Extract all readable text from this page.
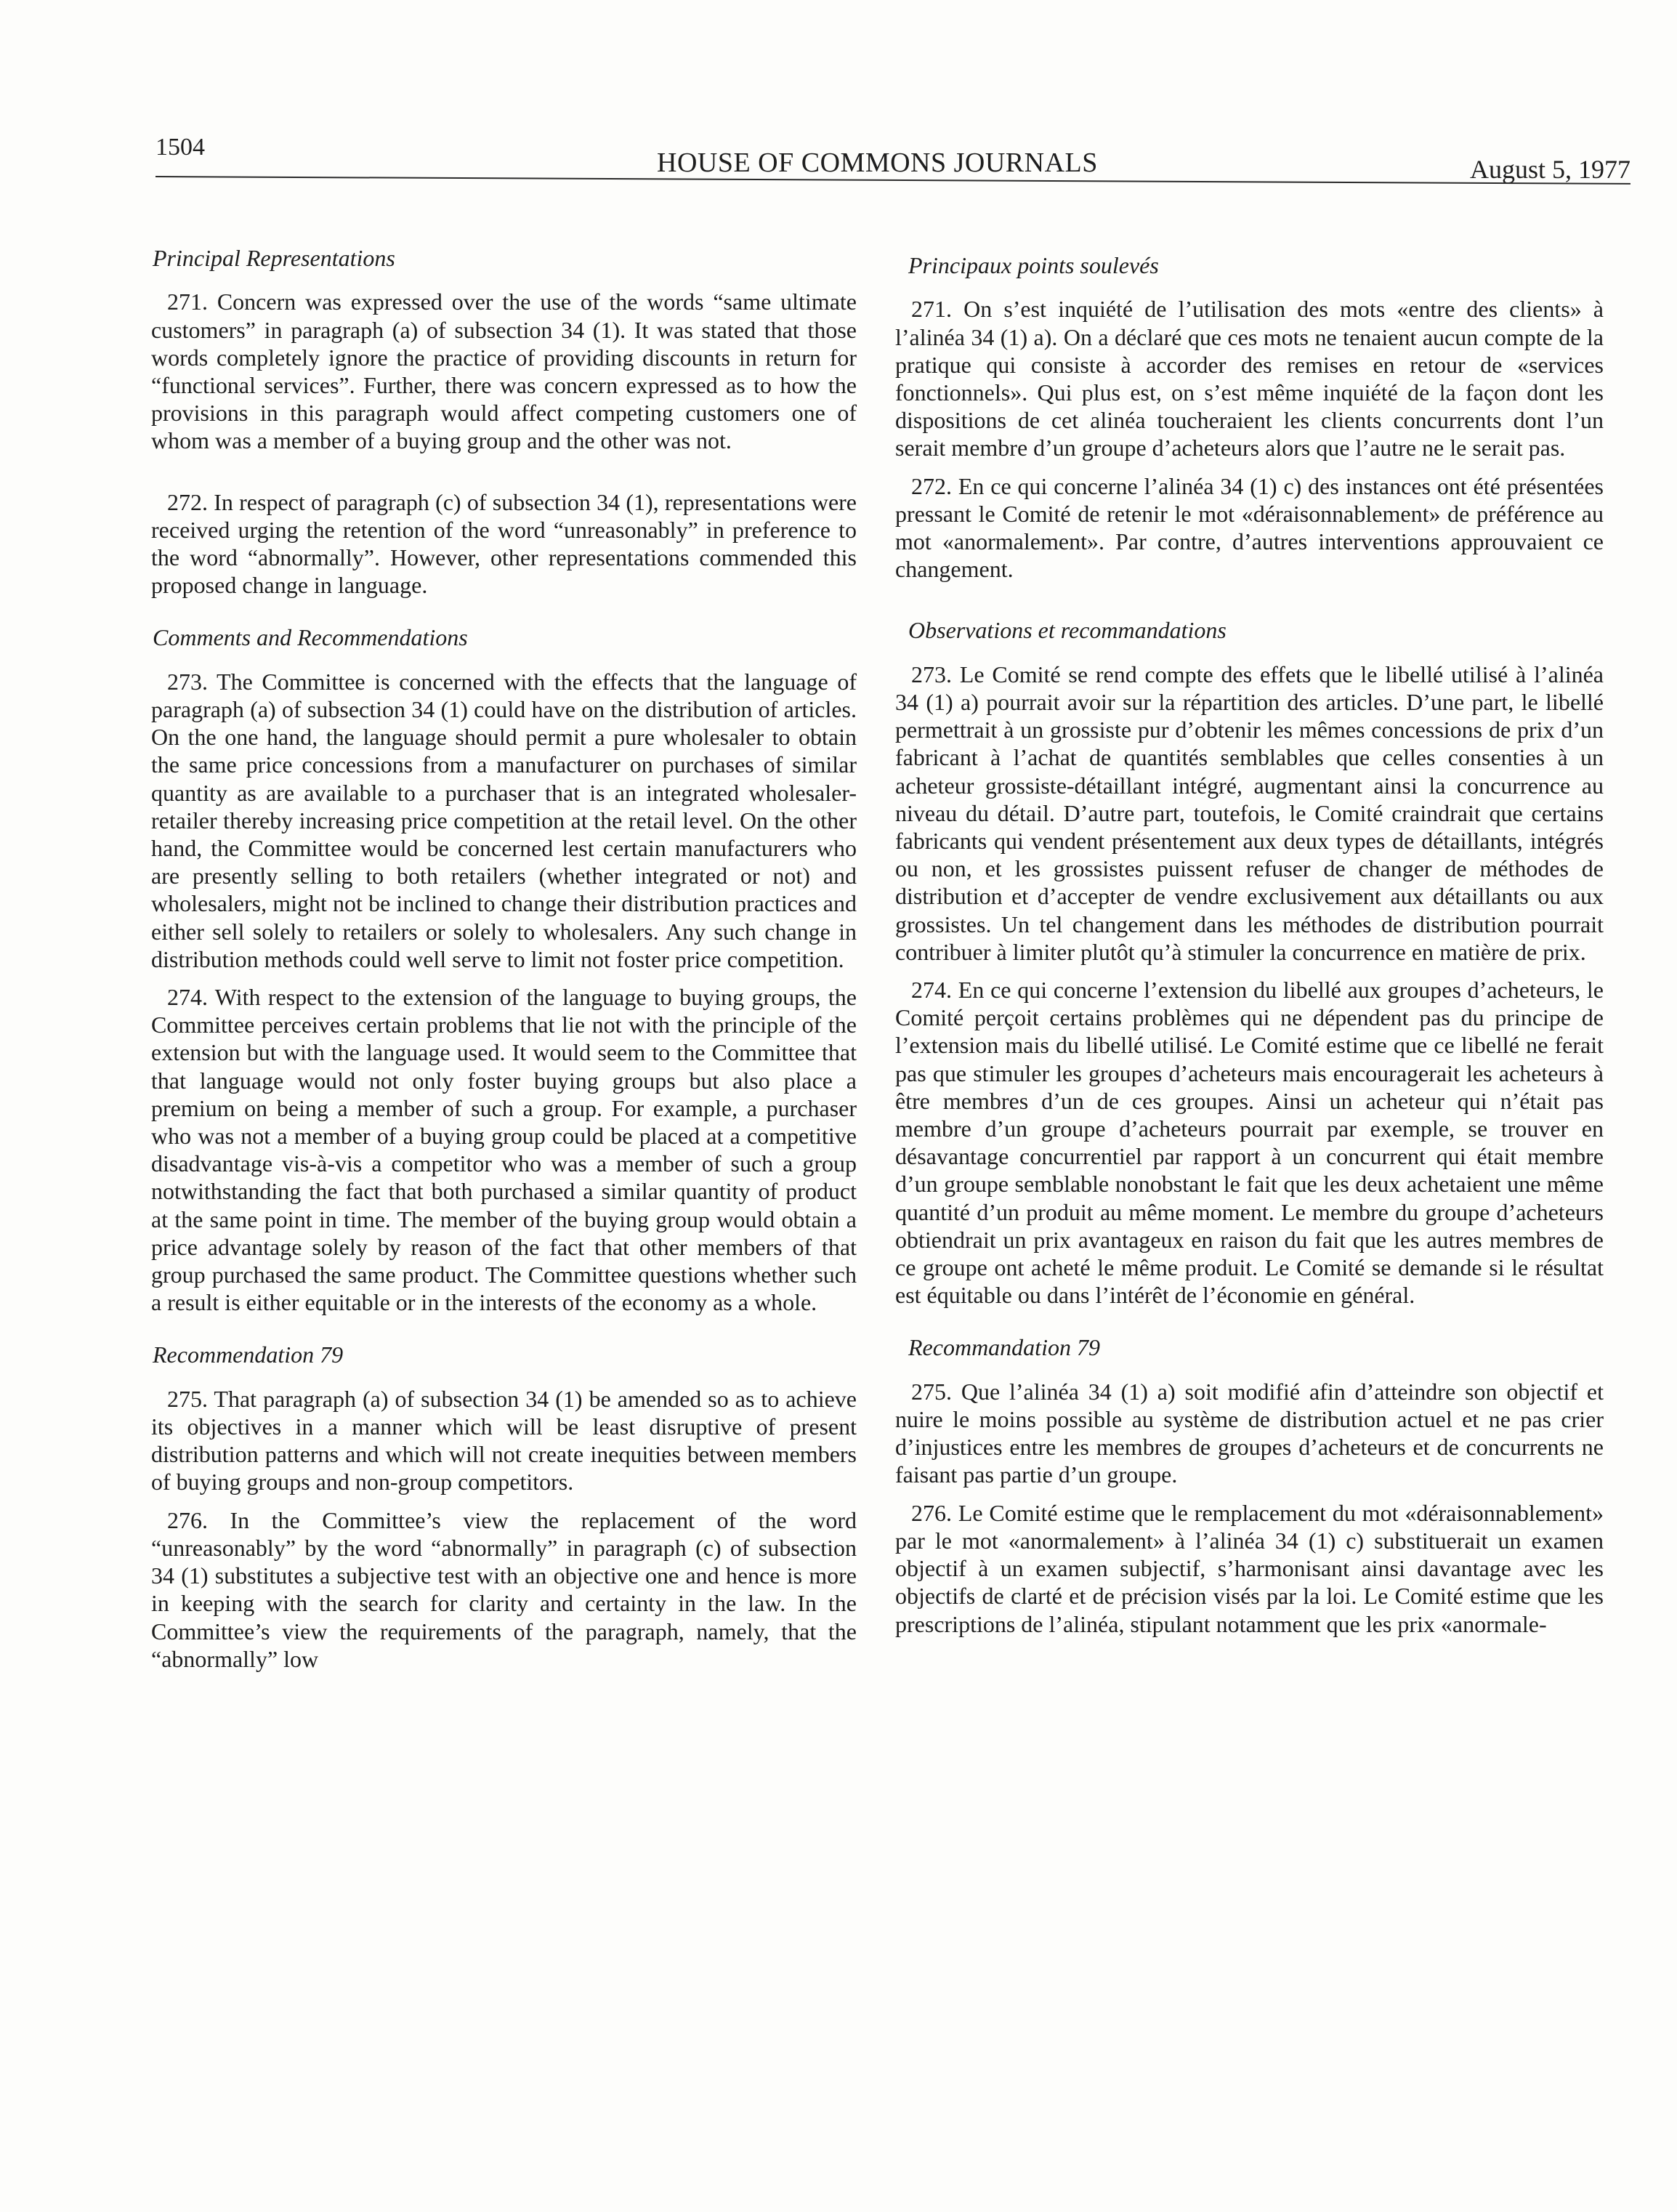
1504
HOUSE OF COMMONS JOURNALS	August 5, 1977
Principal Representations

271. Concern was expressed over the use of the words “same ultimate customers” in paragraph (a) of subsection 34 (1). It was stated that those words completely ignore the practice of providing discounts in return for “functional services”. Further, there was concern expressed as to how the provisions in this paragraph would affect competing customers one of whom was a member of a buying group and the other was not.

272. In respect of paragraph (c) of subsection 34 (1), representations were received urging the retention of the word “unreasonably” in preference to the word “abnormally”. However, other representations commended this proposed change in language.

Comments and Recommendations

273. The Committee is concerned with the effects that the language of paragraph (a) of subsection 34 (1) could have on the distribution of articles. On the one hand, the language should permit a pure wholesaler to obtain the same price concessions from a manufacturer on purchases of similar quantity as are available to a purchaser that is an integrated wholesaler-retailer thereby increasing price competition at the retail level. On the other hand, the Committee would be concerned lest certain manufacturers who are presently selling to both retailers (whether integrated or not) and wholesalers, might not be inclined to change their distribution practices and either sell solely to retailers or solely to wholesalers. Any such change in distribution methods could well serve to limit not foster price competition.

274. With respect to the extension of the language to buying groups, the Committee perceives certain problems that lie not with the principle of the extension but with the language used. It would seem to the Committee that that language would not only foster buying groups but also place a premium on being a member of such a group. For example, a purchaser who was not a member of a buying group could be placed at a competitive disadvantage vis-à-vis a competitor who was a member of such a group notwithstanding the fact that both purchased a similar quantity of product at the same point in time. The member of the buying group would obtain a price advantage solely by reason of the fact that other members of that group purchased the same product. The Committee questions whether such a result is either equitable or in the interests of the economy as a whole.

Recommendation 79

275. That paragraph (a) of subsection 34 (1) be amended so as to achieve its objectives in a manner which will be least disruptive of present distribution patterns and which will not create inequities between members of buying groups and non-group competitors.

276. In the Committee’s view the replacement of the word “unreasonably” by the word “abnormally” in paragraph (c) of subsection 34 (1) substitutes a subjective test with an objective one and hence is more in keeping with the search for clarity and certainty in the law. In the Committee’s view the requirements of the paragraph, namely, that the “abnormally” low

Principaux points soulevés

271. On s’est inquiété de l’utilisation des mots «entre des clients» à l’alinéa 34 (1) a). On a déclaré que ces mots ne tenaient aucun compte de la pratique qui consiste à accorder des remises en retour de «services fonctionnels». Qui plus est, on s’est même inquiété de la façon dont les dispositions de cet alinéa toucheraient les clients concurrents dont l’un serait membre d’un groupe d’acheteurs alors que l’autre ne le serait pas.

272. En ce qui concerne l’alinéa 34 (1) c) des instances ont été présentées pressant le Comité de retenir le mot «déraisonnablement» de préférence au mot «anormalement». Par contre, d’autres interventions approuvaient ce changement.

Observations et recommandations

273. Le Comité se rend compte des effets que le libellé utilisé à l’alinéa 34 (1) a) pourrait avoir sur la répartition des articles. D’une part, le libellé permettrait à un grossiste pur d’obtenir les mêmes concessions de prix d’un fabricant à l’achat de quantités semblables que celles consenties à un acheteur grossiste-détaillant intégré, augmentant ainsi la concurrence au niveau du détail. D’autre part, toutefois, le Comité craindrait que certains fabricants qui vendent présentement aux deux types de détaillants, intégrés ou non, et les grossistes puissent refuser de changer de méthodes de distribution et d’accepter de vendre exclusivement aux détaillants ou aux grossistes. Un tel changement dans les méthodes de distribution pourrait contribuer à limiter plutôt qu’à stimuler la concurrence en matière de prix.

274. En ce qui concerne l’extension du libellé aux groupes d’acheteurs, le Comité perçoit certains problèmes qui ne dépendent pas du principe de l’extension mais du libellé utilisé. Le Comité estime que ce libellé ne ferait pas que stimuler les groupes d’acheteurs mais encouragerait les acheteurs à être membres d’un de ces groupes. Ainsi un acheteur qui n’était pas membre d’un groupe d’acheteurs pourrait par exemple, se trouver en désavantage concurrentiel par rapport à un concurrent qui était membre d’un groupe semblable nonobstant le fait que les deux achetaient une même quantité d’un produit au même moment. Le membre du groupe d’acheteurs obtiendrait un prix avantageux en raison du fait que les autres membres de ce groupe ont acheté le même produit. Le Comité se demande si le résultat est équitable ou dans l’intérêt de l’économie en général.

Recommandation 79

275. Que l’alinéa 34 (1) a) soit modifié afin d’atteindre son objectif et nuire le moins possible au système de distribution actuel et ne pas crier d’injustices entre les membres de groupes d’acheteurs et de concurrents ne faisant pas partie d’un groupe.

276. Le Comité estime que le remplacement du mot «déraisonnablement» par le mot «anormalement» à l’alinéa 34 (1) c) substituerait un examen objectif à un examen subjectif, s’harmonisant ainsi davantage avec les objectifs de clarté et de précision visés par la loi. Le Comité estime que les prescriptions de l’alinéa, stipulant notamment que les prix «anormale-
